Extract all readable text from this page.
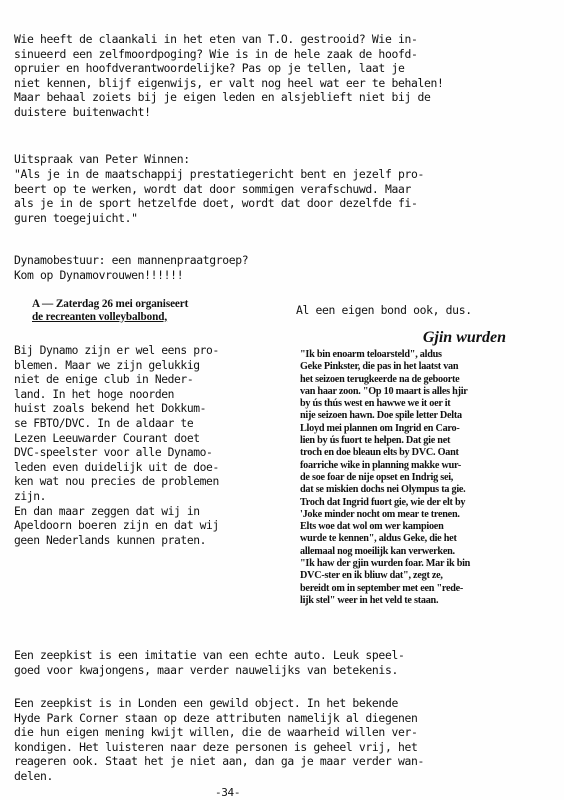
Wie heeft de claankali in het eten van T.O. gestrooid? Wie in-
sinueerd een zelfmoordpoging? Wie is in de hele zaak de hoofd-
opruier en hoofdverantwoordelijke? Pas op je tellen, laat je
niet kennen, blijf eigenwijs, er valt nog heel wat eer te behalen!
Maar behaal zoiets bij je eigen leden en alsjeblieft niet bij de
duistere buitenwacht!
Uitspraak van Peter Winnen:
"Als je in de maatschappij prestatiegericht bent en jezelf pro-
beert op te werken, wordt dat door sommigen verafschuwd. Maar
als je in de sport hetzelfde doet, wordt dat door dezelfde fi-
guren toegejuicht."
Dynamobestuur: een mannenpraatgroep?
Kom op Dynamovrouwen!!!!!!
A — Zaterdag 26 mei organiseert
de recreanten volleybalbond,	Al een eigen bond ook, dus.
Bij Dynamo zijn er wel eens pro-
blemen. Maar we zijn gelukkig
niet de enige club in Neder-
land. In het hoge noorden
huist zoals bekend het Dokkum-
se FBTO/DVC. In de aldaar te
Lezen Leeuwarder Courant doet
DVC-speelster voor alle Dynamo-
leden even duidelijk uit de doe-
ken wat nou precies de problemen
zijn.
En dan maar zeggen dat wij in
Apeldoorn boeren zijn en dat wij
geen Nederlands kunnen praten.
Gjin wurden
"Ik bin enoarm teloarsteld", aldus
Geke Pinkster, die pas in het laatst van
het seizoen terugkeerde na de geboorte
van haar zoon. "Op 10 maart is alles hjir
by ús thús west en hawwe we it oer it
nije seizoen hawn. Doe spile letter Delta
Lloyd mei plannen om Ingrid en Caro-
lien by ús fuort te helpen. Dat gie net
troch en doe bleaun elts by DVC. Oant
foarriche wike in planning makke wur-
de soe foar de nije opset en Indrig sei,
dat se miskien dochs nei Olympus ta gie.
Troch dat Ingrid fuort gie, wie der elt by
'Joke minder nocht om mear te trenen.
Elts woe dat wol om wer kampioen
wurde te kennen", aldus Geke, die het
allemaal nog moeilijk kan verwerken.
"Ik haw der gjin wurden foar. Mar ik bin
DVC-ster en ik bliuw dat", zegt ze,
bereidt om in september met een "rede-
lijk stel" weer in het veld te staan.
Een zeepkist is een imitatie van een echte auto. Leuk speel-
goed voor kwajongens, maar verder nauwelijks van betekenis.
Een zeepkist is in Londen een gewild object. In het bekende
Hyde Park Corner staan op deze attributen namelijk al diegenen
die hun eigen mening kwijt willen, die de waarheid willen ver-
kondigen. Het luisteren naar deze personen is geheel vrij, het
reageren ook. Staat het je niet aan, dan ga je maar verder wan-
delen.
-34-
